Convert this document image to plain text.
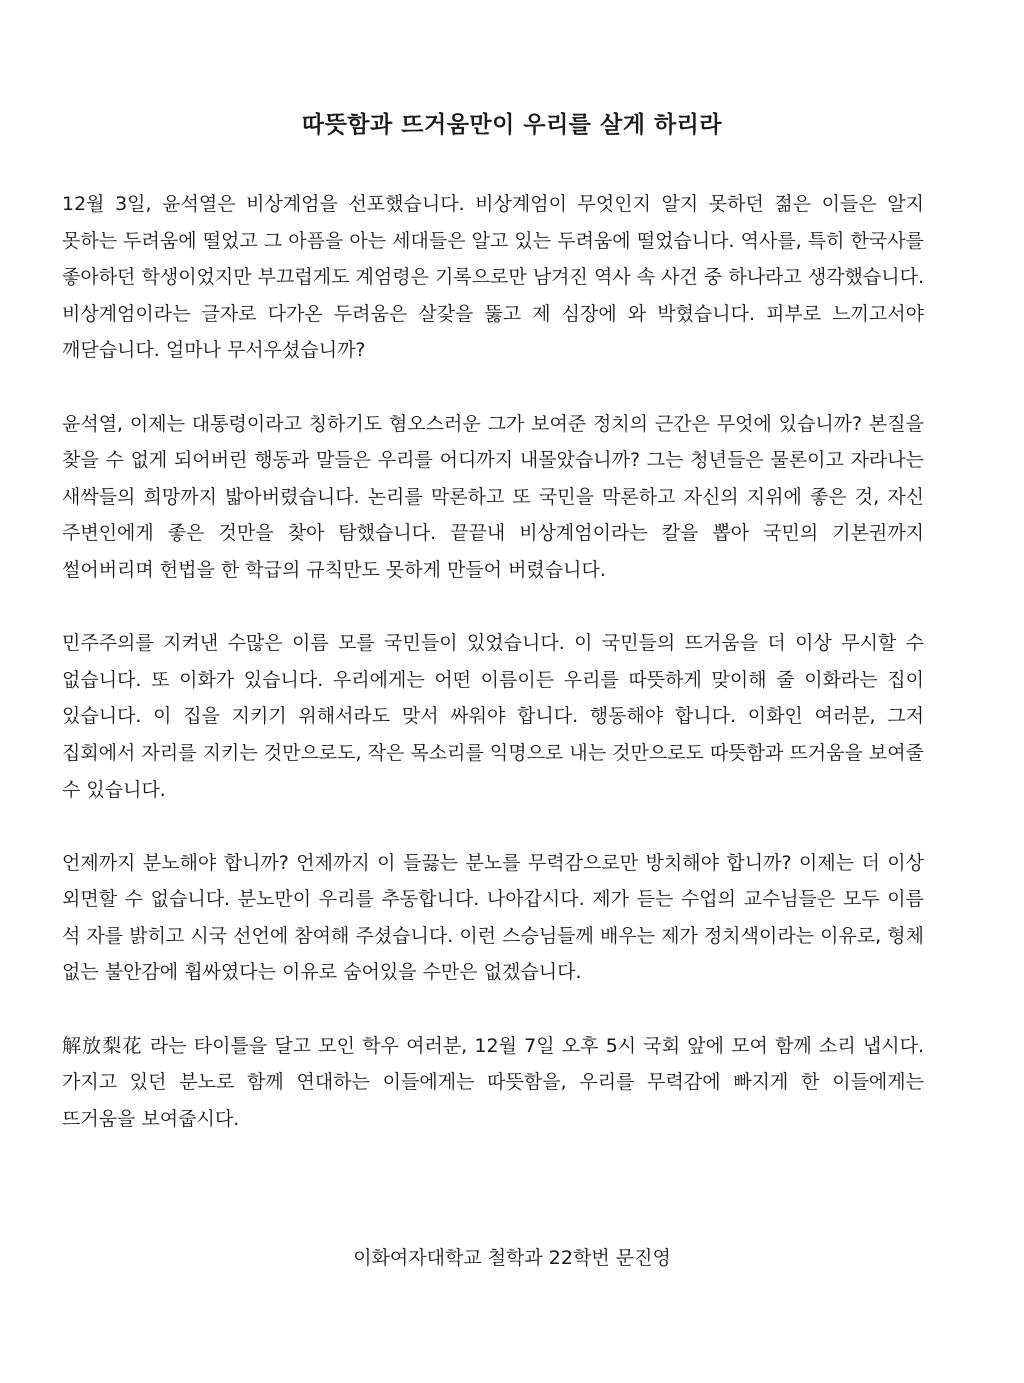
따뜻함과 뜨거움만이 우리를 살게 하리라

12월 3일, 윤석열은 비상계엄을 선포했습니다. 비상계엄이 무엇인지 알지 못하던 젊은 이들은 알지 못하는 두려움에 떨었고 그 아픔을 아는 세대들은 알고 있는 두려움에 떨었습니다. 역사를, 특히 한국사를 좋아하던 학생이었지만 부끄럽게도 계엄령은 기록으로만 남겨진 역사 속 사건 중 하나라고 생각했습니다. 비상계엄이라는 글자로 다가온 두려움은 살갗을 뚫고 제 심장에 와 박혔습니다. 피부로 느끼고서야 깨닫습니다. 얼마나 무서우셨습니까?

윤석열, 이제는 대통령이라고 칭하기도 혐오스러운 그가 보여준 정치의 근간은 무엇에 있습니까? 본질을 찾을 수 없게 되어버린 행동과 말들은 우리를 어디까지 내몰았습니까? 그는 청년들은 물론이고 자라나는 새싹들의 희망까지 밟아버렸습니다. 논리를 막론하고 또 국민을 막론하고 자신의 지위에 좋은 것, 자신 주변인에게 좋은 것만을 찾아 탐했습니다. 끝끝내 비상계엄이라는 칼을 뽑아 국민의 기본권까지 썰어버리며 헌법을 한 학급의 규칙만도 못하게 만들어 버렸습니다.

민주주의를 지켜낸 수많은 이름 모를 국민들이 있었습니다. 이 국민들의 뜨거움을 더 이상 무시할 수 없습니다. 또 이화가 있습니다. 우리에게는 어떤 이름이든 우리를 따뜻하게 맞이해 줄 이화라는 집이 있습니다. 이 집을 지키기 위해서라도 맞서 싸워야 합니다. 행동해야 합니다. 이화인 여러분, 그저 집회에서 자리를 지키는 것만으로도, 작은 목소리를 익명으로 내는 것만으로도 따뜻함과 뜨거움을 보여줄 수 있습니다.

언제까지 분노해야 합니까? 언제까지 이 들끓는 분노를 무력감으로만 방치해야 합니까? 이제는 더 이상 외면할 수 없습니다. 분노만이 우리를 추동합니다. 나아갑시다. 제가 듣는 수업의 교수님들은 모두 이름 석 자를 밝히고 시국 선언에 참여해 주셨습니다. 이런 스승님들께 배우는 제가 정치색이라는 이유로, 형체 없는 불안감에 휩싸였다는 이유로 숨어있을 수만은 없겠습니다.

解放梨花 라는 타이틀을 달고 모인 학우 여러분, 12월 7일 오후 5시 국회 앞에 모여 함께 소리 냅시다. 가지고 있던 분노로 함께 연대하는 이들에게는 따뜻함을, 우리를 무력감에 빠지게 한 이들에게는 뜨거움을 보여줍시다.

이화여자대학교 철학과 22학번 문진영
